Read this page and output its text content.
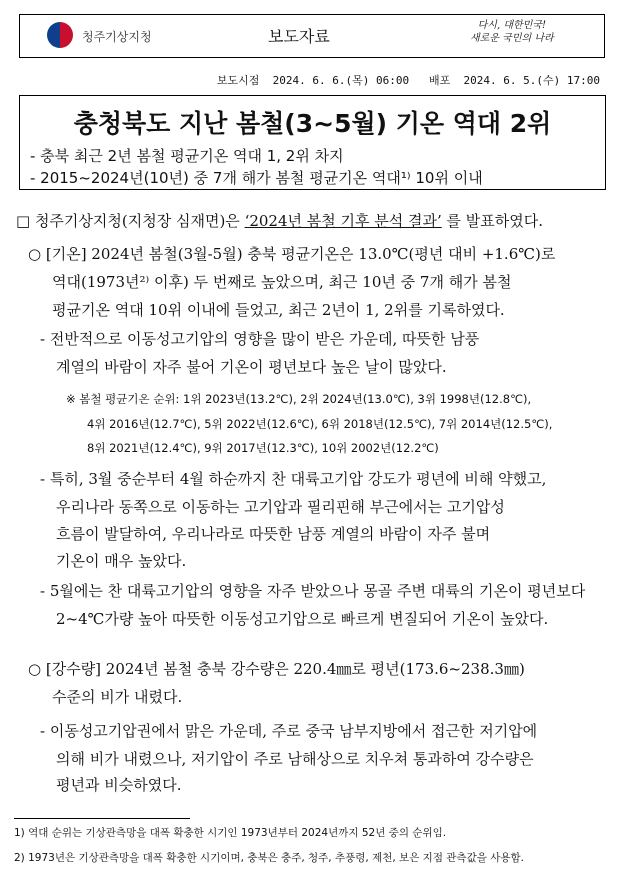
청주기상지청	보도자료
다시, 대한민국!
새로운 국민의 나라
보도시점 2024. 6. 6.(목) 06:00 배포 2024. 6. 5.(수) 17:00
충청북도 지난 봄철(3~5월) 기온 역대 2위
- 충북 최근 2년 봄철 평균기온 역대 1, 2위 차지
- 2015~2024년(10년) 중 7개 해가 봄철 평균기온 역대¹⁾ 10위 이내
□ 청주기상지청(지청장 심재면)은 ‘2024년 봄철 기후 분석 결과’ 를 발표하였다.
○ [기온] 2024년 봄철(3월-5월) 충북 평균기온은 13.0℃(평년 대비 +1.6℃)로
역대(1973년²⁾ 이후) 두 번째로 높았으며, 최근 10년 중 7개 해가 봄철
평균기온 역대 10위 이내에 들었고, 최근 2년이 1, 2위를 기록하였다.
- 전반적으로 이동성고기압의 영향을 많이 받은 가운데, 따뜻한 남풍
계열의 바람이 자주 불어 기온이 평년보다 높은 날이 많았다.
※ 봄철 평균기온 순위: 1위 2023년(13.2℃), 2위 2024년(13.0℃), 3위 1998년(12.8℃),
4위 2016년(12.7℃), 5위 2022년(12.6℃), 6위 2018년(12.5℃), 7위 2014년(12.5℃),
8위 2021년(12.4℃), 9위 2017년(12.3℃), 10위 2002년(12.2℃)
- 특히, 3월 중순부터 4월 하순까지 찬 대륙고기압 강도가 평년에 비해 약했고,
우리나라 동쪽으로 이동하는 고기압과 필리핀해 부근에서는 고기압성
흐름이 발달하여, 우리나라로 따뜻한 남풍 계열의 바람이 자주 불며
기온이 매우 높았다.
- 5월에는 찬 대륙고기압의 영향을 자주 받았으나 몽골 주변 대륙의 기온이 평년보다
2~4℃가량 높아 따뜻한 이동성고기압으로 빠르게 변질되어 기온이 높았다.
○ [강수량] 2024년 봄철 충북 강수량은 220.4㎜로 평년(173.6~238.3㎜)
수준의 비가 내렸다.
- 이동성고기압권에서 맑은 가운데, 주로 중국 남부지방에서 접근한 저기압에
의해 비가 내렸으나, 저기압이 주로 남해상으로 치우쳐 통과하여 강수량은
평년과 비슷하였다.
1) 역대 순위는 기상관측망을 대폭 확충한 시기인 1973년부터 2024년까지 52년 중의 순위임.
2) 1973년은 기상관측망을 대폭 확충한 시기이며, 충북은 충주, 청주, 추풍령, 제천, 보은 지점 관측값을 사용함.
